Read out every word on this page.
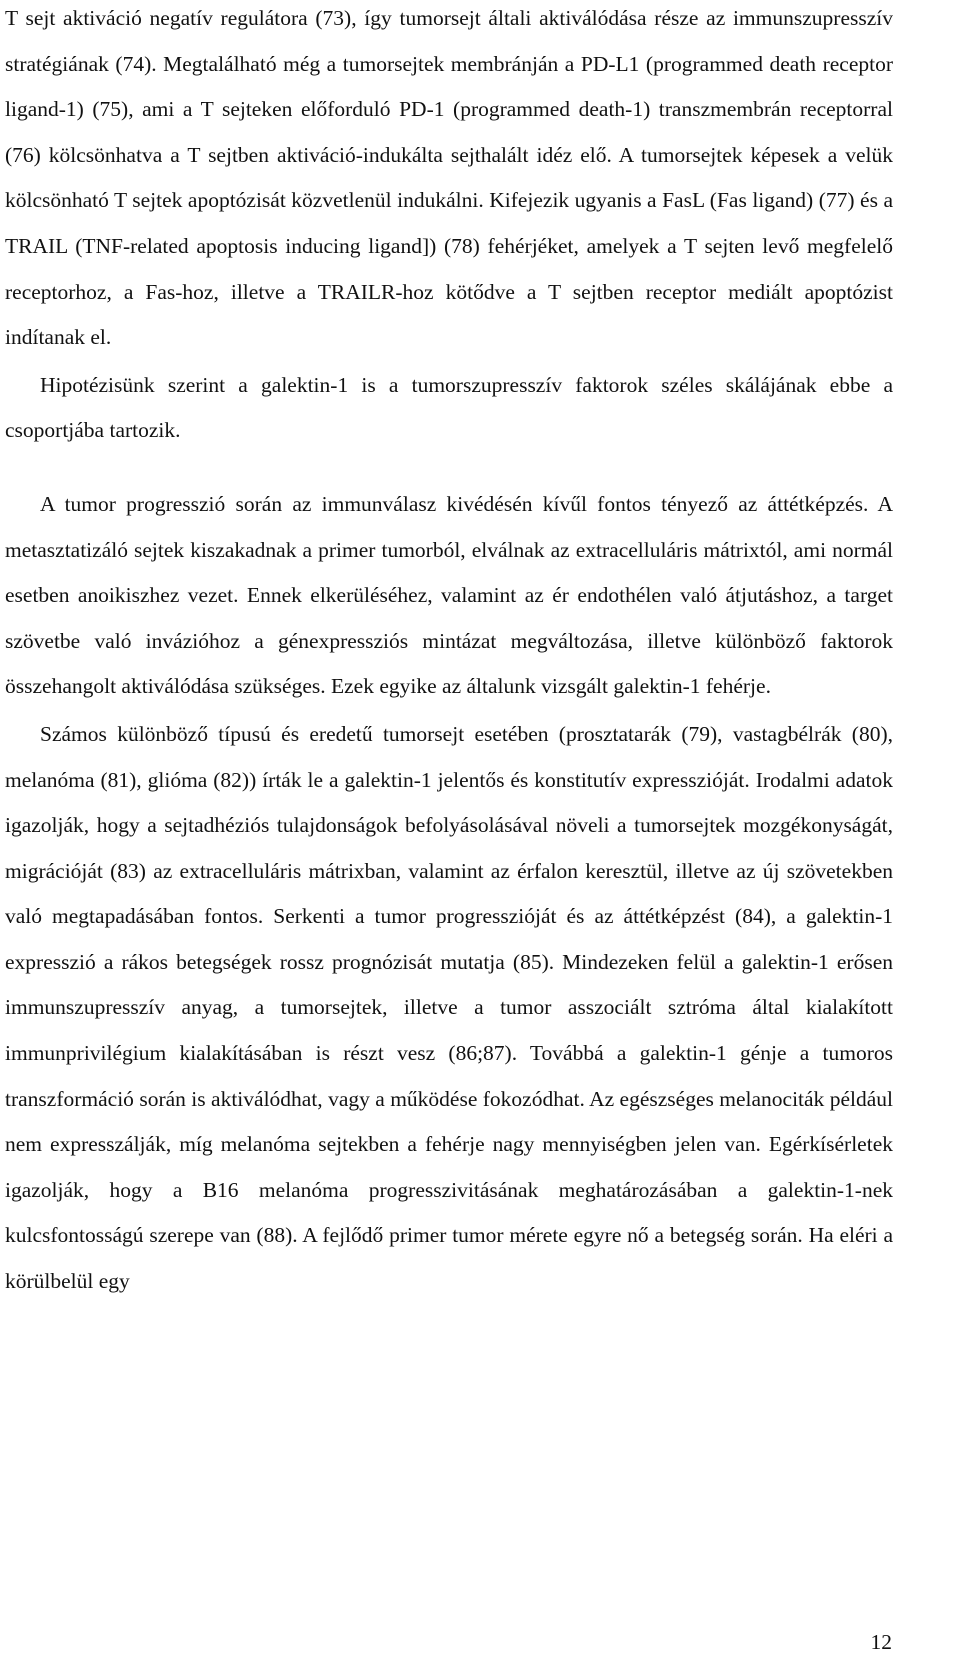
T sejt aktiváció negatív regulátora (73), így tumorsejt általi aktiválódása része az immunszupresszív stratégiának (74). Megtalálható még a tumorsejtek membránján a PD-L1 (programmed death receptor ligand-1) (75), ami a T sejteken előforduló PD-1 (programmed death-1) transzmembrán receptorral (76) kölcsönhatva a T sejtben aktiváció-indukálta sejthalált idéz elő. A tumorsejtek képesek a velük kölcsönható T sejtek apoptózisát közvetlenül indukálni. Kifejezik ugyanis a FasL (Fas ligand) (77) és a TRAIL (TNF-related apoptosis inducing ligand]) (78) fehérjéket, amelyek a T sejten levő megfelelő receptorhoz, a Fas-hoz, illetve a TRAILR-hoz kötődve a T sejtben receptor mediált apoptózist indítanak el.

Hipotézisünk szerint a galektin-1 is a tumorszupresszív faktorok széles skálájának ebbe a csoportjába tartozik.

A tumor progresszió során az immunválasz kivédésén kívűl fontos tényező az áttétképzés. A metasztatizáló sejtek kiszakadnak a primer tumorból, elválnak az extracelluláris mátrixtól, ami normál esetben anoikiszhez vezet. Ennek elkerüléséhez, valamint az ér endothélen való átjutáshoz, a target szövetbe való invázióhoz a génexpressziós mintázat megváltozása, illetve különböző faktorok összehangolt aktiválódása szükséges. Ezek egyike az általunk vizsgált galektin-1 fehérje.

Számos különböző típusú és eredetű tumorsejt esetében (prosztatarák (79), vastagbélrák (80), melanóma (81), glióma (82)) írták le a galektin-1 jelentős és konstitutív expresszióját. Irodalmi adatok igazolják, hogy a sejtadhéziós tulajdonságok befolyásolásával növeli a tumorsejtek mozgékonyságát, migrációját (83) az extracelluláris mátrixban, valamint az érfalon keresztül, illetve az új szövetekben való megtapadásában fontos. Serkenti a tumor progresszióját és az áttétképzést (84), a galektin-1 expresszió a rákos betegségek rossz prognózisát mutatja (85). Mindezeken felül a galektin-1 erősen immunszupresszív anyag, a tumorsejtek, illetve a tumor asszociált sztróma által kialakított immunprivilégium kialakításában is részt vesz (86;87). Továbbá a galektin-1 génje a tumoros transzformáció során is aktiválódhat, vagy a működése fokozódhat. Az egészséges melanociták például nem expresszálják, míg melanóma sejtekben a fehérje nagy mennyiségben jelen van. Egérkísérletek igazolják, hogy a B16 melanóma progresszivitásának meghatározásában a galektin-1-nek kulcsfontosságú szerepe van (88). A fejlődő primer tumor mérete egyre nő a betegség során. Ha eléri a körülbelül egy

12
